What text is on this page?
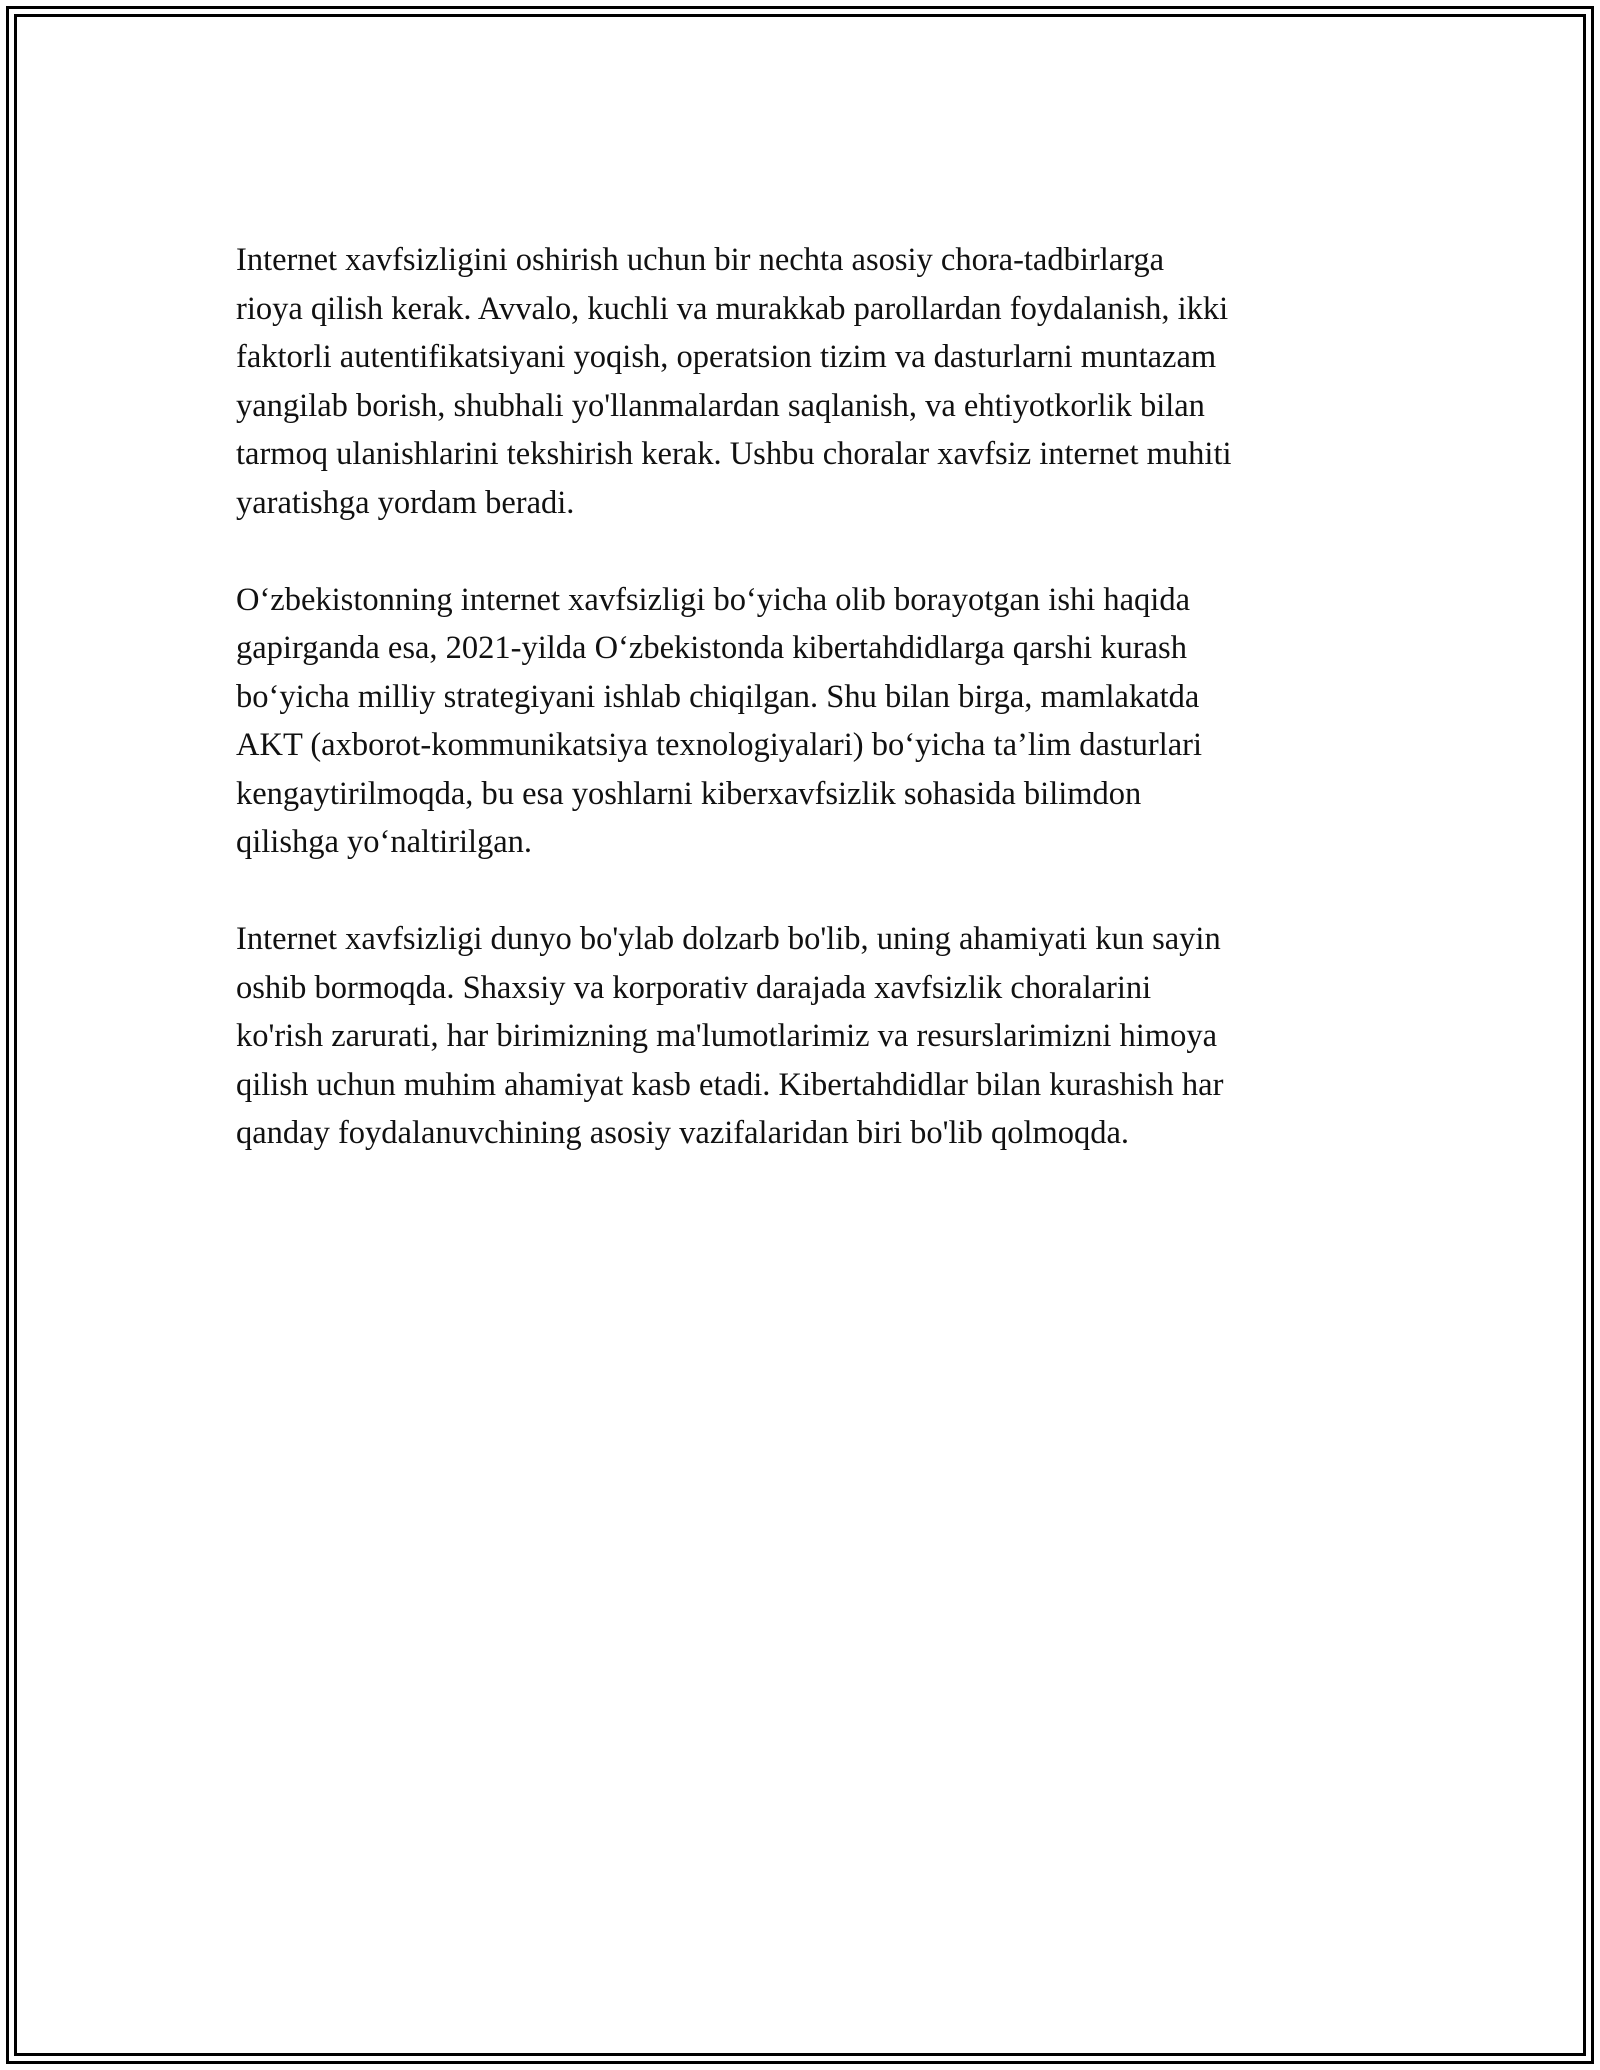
Internet xavfsizligini oshirish uchun bir nechta asosiy chora-tadbirlarga
rioya qilish kerak. Avvalo, kuchli va murakkab parollardan foydalanish, ikki
faktorli autentifikatsiyani yoqish, operatsion tizim va dasturlarni muntazam
yangilab borish, shubhali yo'llanmalardan saqlanish, va ehtiyotkorlik bilan
tarmoq ulanishlarini tekshirish kerak. Ushbu choralar xavfsiz internet muhiti
yaratishga yordam beradi.

O‘zbekistonning internet xavfsizligi bo‘yicha olib borayotgan ishi haqida
gapirganda esa, 2021-yilda O‘zbekistonda kibertahdidlarga qarshi kurash
bo‘yicha milliy strategiyani ishlab chiqilgan. Shu bilan birga, mamlakatda
AKT (axborot-kommunikatsiya texnologiyalari) bo‘yicha ta’lim dasturlari
kengaytirilmoqda, bu esa yoshlarni kiberxavfsizlik sohasida bilimdon
qilishga yo‘naltirilgan.

Internet xavfsizligi dunyo bo'ylab dolzarb bo'lib, uning ahamiyati kun sayin
oshib bormoqda. Shaxsiy va korporativ darajada xavfsizlik choralarini
ko'rish zarurati, har birimizning ma'lumotlarimiz va resurslarimizni himoya
qilish uchun muhim ahamiyat kasb etadi. Kibertahdidlar bilan kurashish har
qanday foydalanuvchining asosiy vazifalaridan biri bo'lib qolmoqda.
